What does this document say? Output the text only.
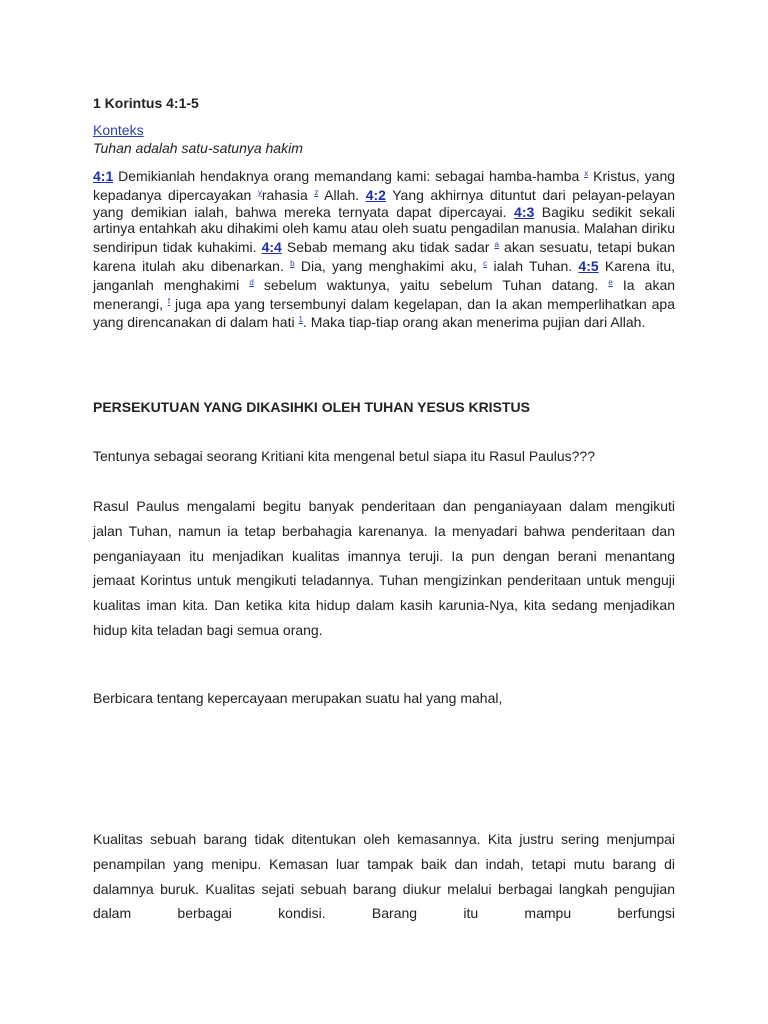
1 Korintus 4:1-5
Konteks
Tuhan adalah satu-satunya hakim

4:1 Demikianlah hendaknya orang memandang kami: sebagai hamba-hamba $^x$ Kristus, yang kepadanya dipercayakan $^y$rahasia $^z$ Allah. 4:2 Yang akhirnya dituntut dari pelayan-pelayan yang demikian ialah, bahwa mereka ternyata dapat dipercayai. 4:3 Bagiku sedikit sekali artinya entahkah aku dihakimi oleh kamu atau oleh suatu pengadilan manusia. Malahan diriku sendiripun tidak kuhakimi. 4:4 Sebab memang aku tidak sadar $^a$ akan sesuatu, tetapi bukan karena itulah aku dibenarkan. $^b$ Dia, yang menghakimi aku, $^c$ ialah Tuhan. 4:5 Karena itu, janganlah menghakimi $^d$ sebelum waktunya, yaitu sebelum Tuhan datang. $^e$ Ia akan menerangi, $^f$ juga apa yang tersembunyi dalam kegelapan, dan Ia akan memperlihatkan apa yang direncanakan di dalam hati $^1$. Maka tiap-tiap orang akan menerima pujian dari Allah.

PERSEKUTUAN YANG DIKASIHKI OLEH TUHAN YESUS KRISTUS

Tentunya sebagai seorang Kritiani kita mengenal betul siapa itu Rasul Paulus???

Rasul Paulus mengalami begitu banyak penderitaan dan penganiayaan dalam mengikuti jalan Tuhan, namun ia tetap berbahagia karenanya. Ia menyadari bahwa penderitaan dan penganiayaan itu menjadikan kualitas imannya teruji. Ia pun dengan berani menantang jemaat Korintus untuk mengikuti teladannya. Tuhan mengizinkan penderitaan untuk menguji kualitas iman kita. Dan ketika kita hidup dalam kasih karunia-Nya, kita sedang menjadikan hidup kita teladan bagi semua orang.

Berbicara tentang kepercayaan merupakan suatu hal yang mahal,

Kualitas sebuah barang tidak ditentukan oleh kemasannya. Kita justru sering menjumpai penampilan yang menipu. Kemasan luar tampak baik dan indah, tetapi mutu barang di dalamnya buruk. Kualitas sejati sebuah barang diukur melalui berbagai langkah pengujian dalam berbagai kondisi. Barang itu mampu berfungsi
